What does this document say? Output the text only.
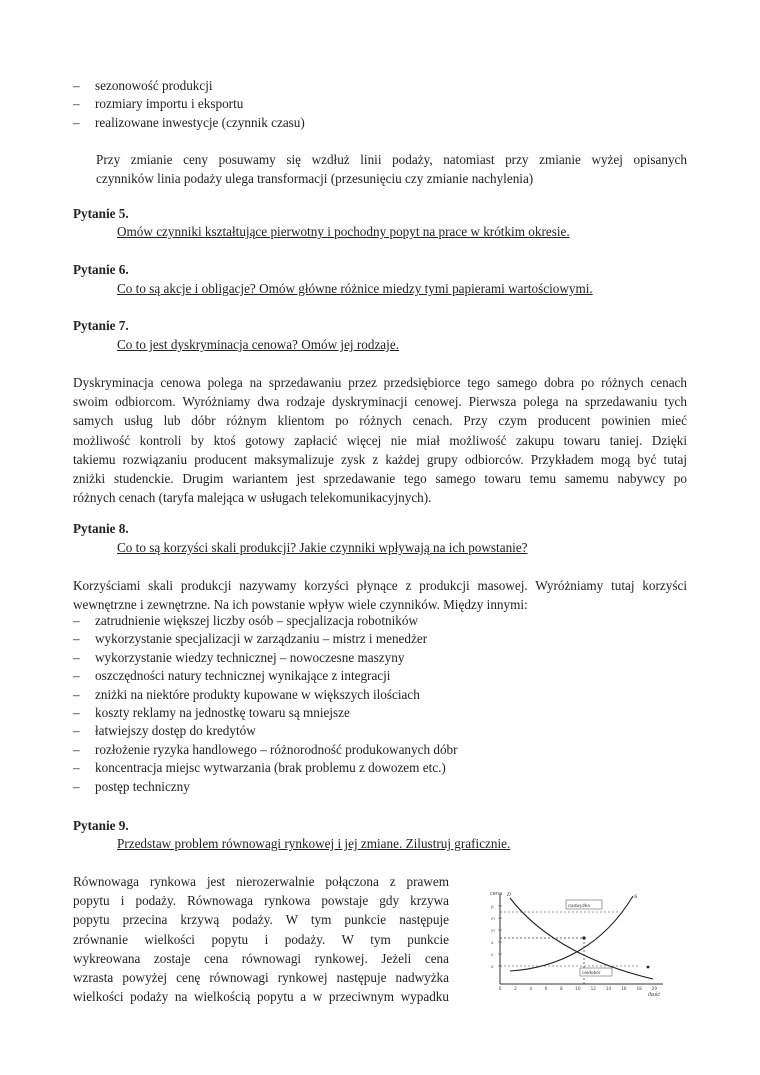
– sezonowość produkcji
– rozmiary importu i eksportu
– realizowane inwestycje (czynnik czasu)

Przy zmianie ceny posuwamy się wzdłuż linii podaży, natomiast przy zmianie wyżej opisanych
czynników linia podaży ulega transformacji (przesunięciu czy zmianie nachylenia)

Pytanie 5.

Omów czynniki kształtujące pierwotny i pochodny popyt na prace w krótkim okresie.

Pytanie 6.

Co to są akcje i obligacje? Omów główne różnice miedzy tymi papierami wartościowymi.

Pytanie 7.

Co to jest dyskryminacja cenowa? Omów jej rodzaje.

Dyskryminacja cenowa polega na sprzedawaniu przez przedsiębiorce tego samego dobra po różnych cenach
swoim odbiorcom. Wyróżniamy dwa rodzaje dyskryminacji cenowej. Pierwsza polega na sprzedawaniu tych
samych usług lub dóbr różnym klientom po różnych cenach. Przy czym producent powinien mieć
możliwość kontroli by ktoś gotowy zapłacić więcej nie miał możliwość zakupu towaru taniej. Dzięki
takiemu rozwiązaniu producent maksymalizuje zysk z każdej grupy odbiorców. Przykładem mogą być tutaj
zniżki studenckie. Drugim wariantem jest sprzedawanie tego samego towaru temu samemu nabywcy po
różnych cenach (taryfa malejąca w usługach telekomunikacyjnych).

Pytanie 8.

Co to są korzyści skali produkcji? Jakie czynniki wpływają na ich powstanie?

Korzyściami skali produkcji nazywamy korzyści płynące z produkcji masowej. Wyróżniamy tutaj korzyści
wewnętrzne i zewnętrzne. Na ich powstanie wpływ wiele czynników. Między innymi:

– zatrudnienie większej liczby osób – specjalizacja robotników
– wykorzystanie specjalizacji w zarządzaniu – mistrz i menedżer
– wykorzystanie wiedzy technicznej – nowoczesne maszyny
– oszczędności natury technicznej wynikające z integracji
– zniżki na niektóre produkty kupowane w większych ilościach
– koszty reklamy na jednostkę towaru są mniejsze
– łatwiejszy dostęp do kredytów
– rozłożenie ryzyka handlowego – różnorodność produkowanych dóbr
– koncentracja miejsc wytwarzania (brak problemu z dowozem etc.)
– postęp techniczny

Pytanie 9.

Przedstaw problem równowagi rynkowej i jej zmiane. Zilustruj graficznie.

Równowaga rynkowa jest nierozerwalnie połączona z prawem
popytu i podaży. Równowaga rynkowa powstaje gdy krzywa
popytu przecina krzywą podaży. W tym punkcie następuje
zrównanie wielkości popytu i podaży. W tym punkcie
wykreowana zostaje cena równowagi rynkowej. Jeżeli cena
wzrasta powyżej cenę równowagi rynkowej następuje nadwyżka
wielkości podaży na wielkością popytu a w przeciwnym wypadku

cena
ilość
p
m
m
a
n
o
0	2	4	6	8	10 12 14 16 18 20
D	S
nadwyżka
niedobór
